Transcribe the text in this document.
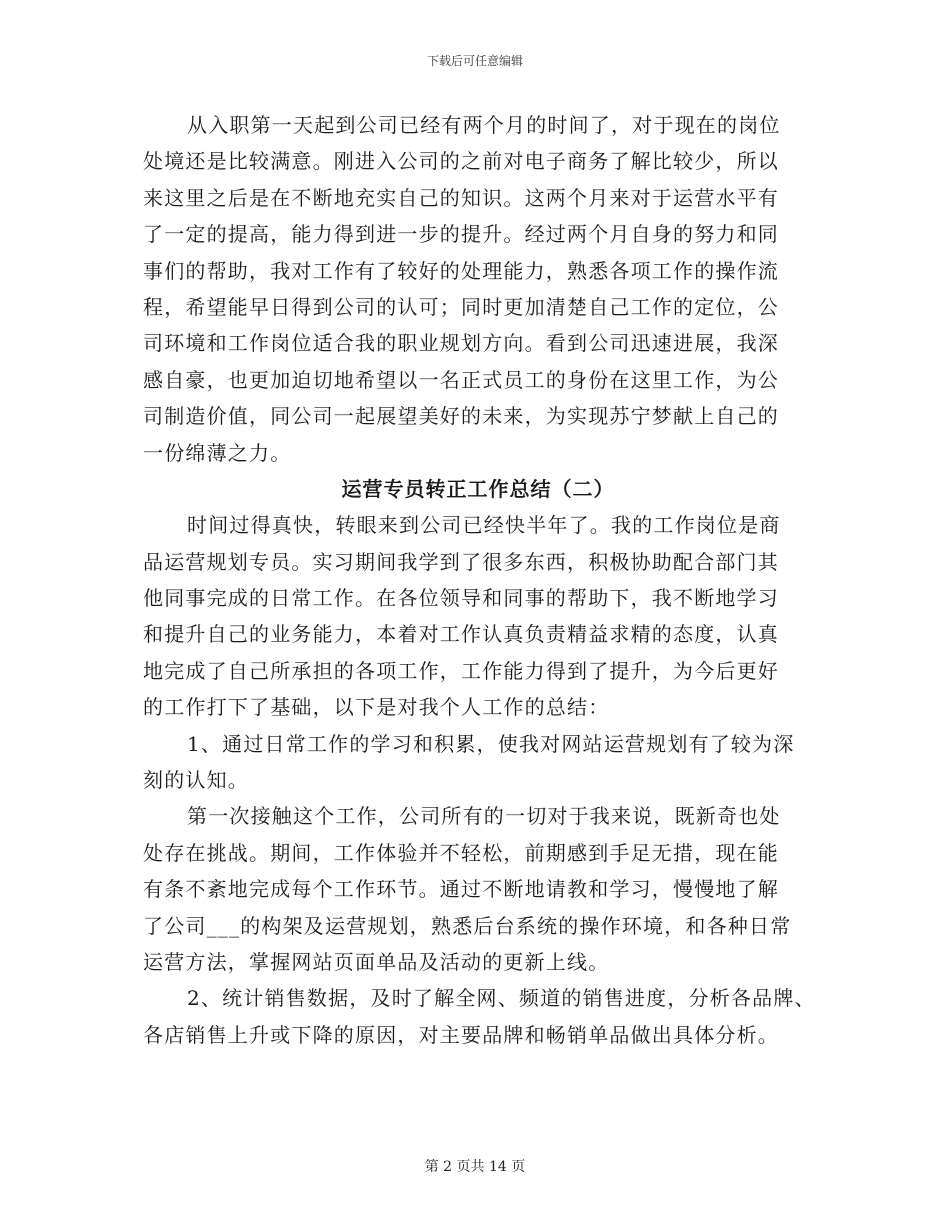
下载后可任意编辑
从入职第一天起到公司已经有两个月的时间了，对于现在的岗位
处境还是比较满意。刚进入公司的之前对电子商务了解比较少，所以
来这里之后是在不断地充实自己的知识。这两个月来对于运营水平有
了一定的提高，能力得到进一步的提升。经过两个月自身的努力和同
事们的帮助，我对工作有了较好的处理能力，熟悉各项工作的操作流
程，希望能早日得到公司的认可；同时更加清楚自己工作的定位，公
司环境和工作岗位适合我的职业规划方向。看到公司迅速进展，我深
感自豪，也更加迫切地希望以一名正式员工的身份在这里工作，为公
司制造价值，同公司一起展望美好的未来，为实现苏宁梦献上自己的
一份绵薄之力。
运营专员转正工作总结（二）
时间过得真快，转眼来到公司已经快半年了。我的工作岗位是商
品运营规划专员。实习期间我学到了很多东西，积极协助配合部门其
他同事完成的日常工作。在各位领导和同事的帮助下，我不断地学习
和提升自己的业务能力，本着对工作认真负责精益求精的态度，认真
地完成了自己所承担的各项工作，工作能力得到了提升，为今后更好
的工作打下了基础，以下是对我个人工作的总结：
1、通过日常工作的学习和积累，使我对网站运营规划有了较为深
刻的认知。
第一次接触这个工作，公司所有的一切对于我来说，既新奇也处
处存在挑战。期间，工作体验并不轻松，前期感到手足无措，现在能
有条不紊地完成每个工作环节。通过不断地请教和学习，慢慢地了解
了公司___的构架及运营规划，熟悉后台系统的操作环境，和各种日常
运营方法，掌握网站页面单品及活动的更新上线。
2、统计销售数据，及时了解全网、频道的销售进度，分析各品牌、
各店销售上升或下降的原因，对主要品牌和畅销单品做出具体分析。
第 2 页共 14 页
